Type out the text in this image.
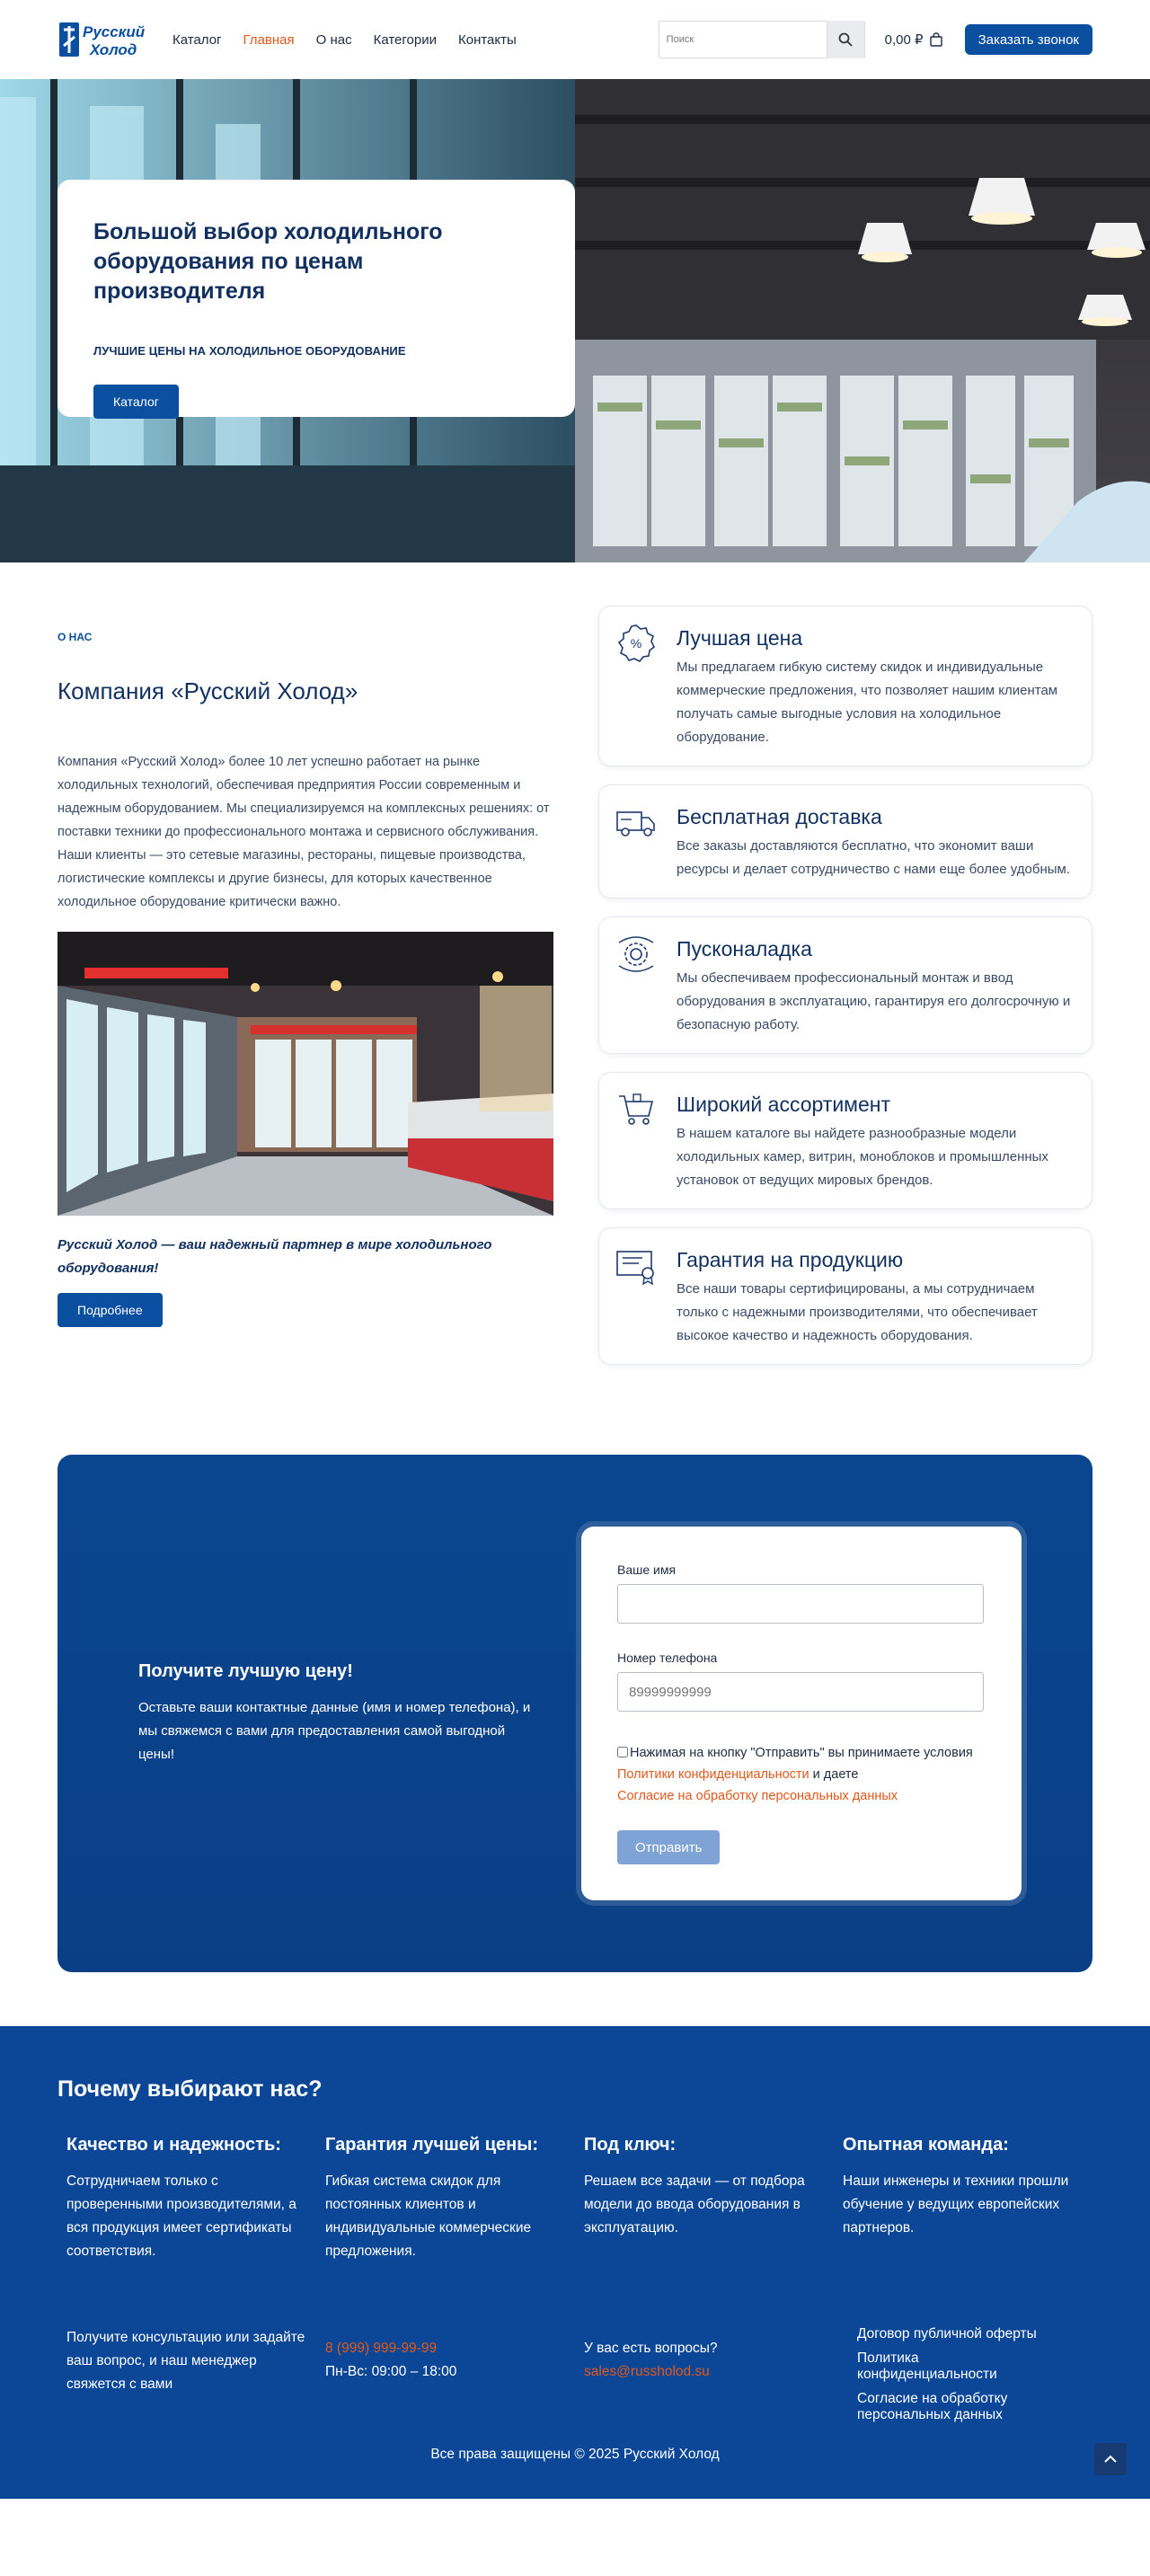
Русский
Холод
Каталог Главная О нас Категории Контакты
Поиск	0,00 ₽	Заказать звонок
Большой выбор холодильного оборудования по ценам производителя
ЛУЧШИЕ ЦЕНЫ НА ХОЛОДИЛЬНОЕ ОБОРУДОВАНИЕ
Каталог
О НАС
Компания «Русский Холод»

Компания «Русский Холод» более 10 лет успешно работает на рынке холодильных технологий, обеспечивая предприятия России современным и надежным оборудованием. Мы специализируемся на комплексных решениях: от поставки техники до профессионального монтажа и сервисного обслуживания. Наши клиенты — это сетевые магазины, рестораны, пищевые производства, логистические комплексы и другие бизнесы, для которых качественное холодильное оборудование критически важно.

Русский Холод — ваш надежный партнер в мире холодильного оборудования!

Подробнее
% Лучшая цена

Мы предлагаем гибкую систему скидок и индивидуальные коммерческие предложения, что позволяет нашим клиентам получать самые выгодные условия на холодильное оборудование.

Бесплатная доставка

Все заказы доставляются бесплатно, что экономит ваши ресурсы и делает сотрудничество с нами еще более удобным.

Пусконаладка

Мы обеспечиваем профессиональный монтаж и ввод оборудования в эксплуатацию, гарантируя его долгосрочную и безопасную работу.

Широкий ассортимент

В нашем каталоге вы найдете разнообразные модели холодильных камер, витрин, моноблоков и промышленных установок от ведущих мировых брендов.

Гарантия на продукцию

Все наши товары сертифицированы, а мы сотрудничаем только с надежными производителями, что обеспечивает высокое качество и надежность оборудования.

Получите лучшую цену!

Оставьте ваши контактные данные (имя и номер телефона), и мы свяжемся с вами для предоставления самой выгодной цены!

Ваше имя
Номер телефона
89999999999
Нажимая на кнопку "Отправить" вы принимаете условия Политики конфиденциальности и даете
Согласие на обработку персональных данных
Отправить
Почему выбирают нас?
Качество и надежность:

Сотрудничаем только с проверенными производителями, а вся продукция имеет сертификаты соответствия.

Гарантия лучшей цены:

Гибкая система скидок для постоянных клиентов и индивидуальные коммерческие предложения.

Под ключ:

Решаем все задачи — от подбора модели до ввода оборудования в эксплуатацию.

Опытная команда:

Наши инженеры и техники прошли обучение у ведущих европейских партнеров.

Получите консультацию или задайте ваш вопрос, и наш менеджер свяжется с вами
8 (999) 999-99-99
Пн-Вс: 09:00 – 18:00
У вас есть вопросы?
sales@russholod.su
Договор публичной оферты
Политика конфиденциальности
Согласие на обработку персональных данных
Все права защищены © 2025 Русский Холод
